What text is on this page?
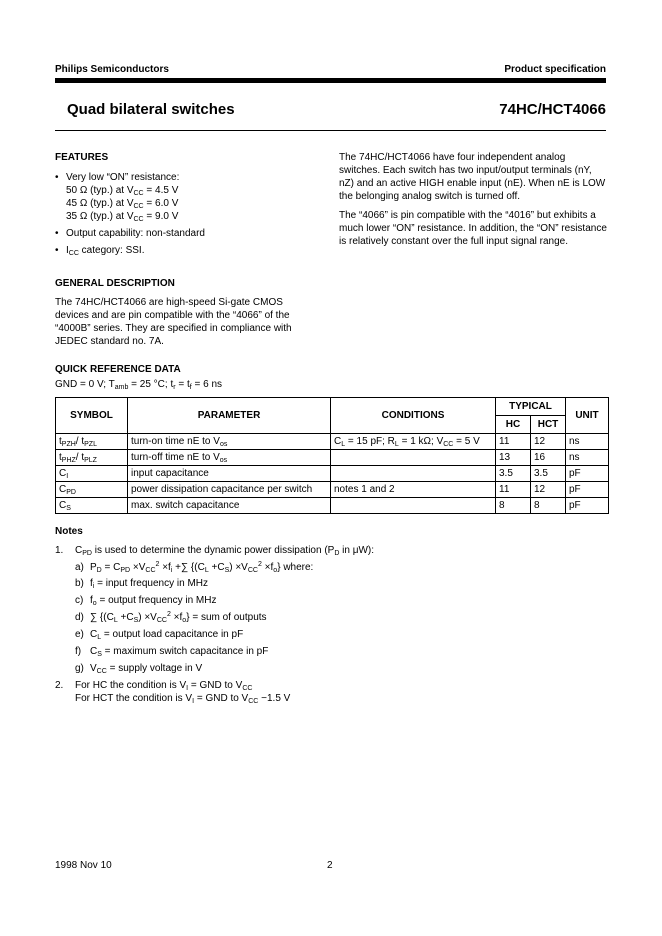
Philips Semiconductors	Product specification
Quad bilateral switches	74HC/HCT4066
FEATURES
• Very low “ON” resistance:
50 Ω (typ.) at $V_{CC} = 4.5$ V
45 Ω (typ.) at $V_{CC} = 6.0$ V
35 Ω (typ.) at $V_{CC} = 9.0$ V
• Output capability: non-standard
• $I_{CC}$ category: SSI.
GENERAL DESCRIPTION
The 74HC/HCT4066 are high-speed Si-gate CMOS devices and are pin compatible with the “4066” of the “4000B” series. They are specified in compliance with JEDEC standard no. 7A.

The 74HC/HCT4066 have four independent analog switches. Each switch has two input/output terminals (nY, nZ) and an active HIGH enable input (nE). When nE is LOW the belonging analog switch is turned off.

The “4066” is pin compatible with the “4016” but exhibits a much lower “ON” resistance. In addition, the “ON” resistance is relatively constant over the full input signal range.

QUICK REFERENCE DATA
GND = 0 V; $T_{amb} = 25$ °C; $t_r = t_f = 6$ ns
SYMBOL	PARAMETER	CONDITIONS	TYPICAL		UNIT
			HC	HCT	
$t_{PZH}/$ $t_{PZL}$	turn-on time nE to $V_{os}$	$C_L = 15$ pF; $R_L = 1$ kΩ; $V_{CC} = 5$ V	11	12	ns
$t_{PHZ}/$ $t_{PLZ}$	turn-off time nE to $V_{os}$		13	16	ns
$C_I$	input capacitance		3.5	3.5	pF
$C_{PD}$	power dissipation capacitance per switch	notes 1 and 2	11	12	pF
$C_S$	max. switch capacitance		8	8	pF
Notes
1. $C_{PD}$ is used to determine the dynamic power dissipation ($P_D$ in μW):
a) $P_D = C_{PD} \times V_{CC}^2 \times f_i$ +∑ $\{(C_L +C_S) \times V_{CC}^2 \times f_o\}$ where:
b) $f_i$ = input frequency in MHz
c) $f_o$ = output frequency in MHz
d) ∑ $\{(C_L +C_S) \times V_{CC}^2 \times f_o\}$ = sum of outputs
e) $C_L$ = output load capacitance in pF
f) $C_S$ = maximum switch capacitance in pF
g) $V_{CC}$ = supply voltage in V
2. For HC the condition is $V_I$ = GND to $V_{CC}$
For HCT the condition is $V_I$ = GND to $V_{CC} -1.5$ V
1998 Nov 10	2
